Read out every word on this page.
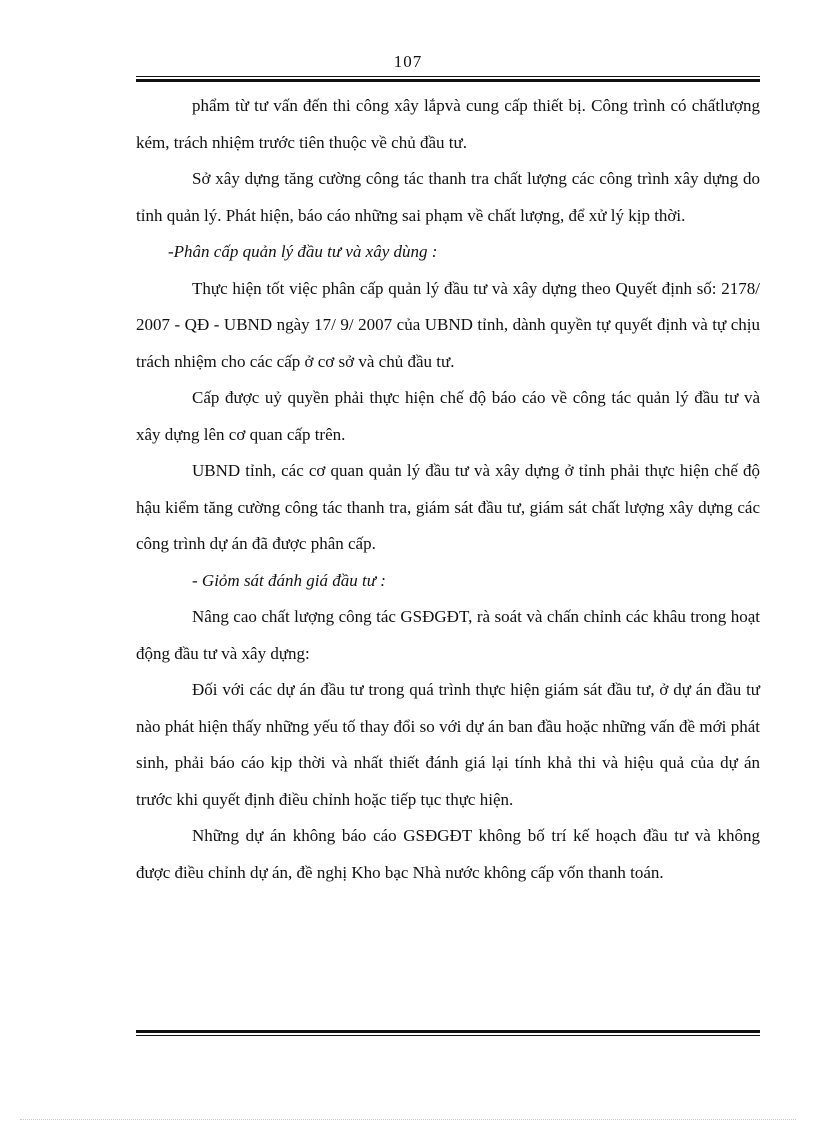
107

phẩm từ tư vấn đến thi công xây lắpvà cung cấp thiết bị. Công trình có chấtlượng kém, trách nhiệm trước tiên thuộc về chủ đầu tư.

Sở xây dựng tăng cường công tác thanh tra chất lượng các công trình xây dựng do tỉnh quản lý. Phát hiện, báo cáo những sai phạm về chất lượng, để xử lý kịp thời.

-Phân cấp quản lý đầu tư và xây dùng :

Thực hiện tốt việc phân cấp quản lý đầu tư và xây dựng theo Quyết định số: 2178/ 2007 - QĐ - UBND ngày 17/ 9/ 2007 của UBND tỉnh, dành quyền tự quyết định và tự chịu trách nhiệm cho các cấp ở cơ sở và chủ đầu tư.

Cấp được uỷ quyền phải thực hiện chế độ báo cáo về công tác quản lý đầu tư và xây dựng lên cơ quan cấp trên.

UBND tỉnh, các cơ quan quản lý đầu tư và xây dựng ở tỉnh phải thực hiện chế độ hậu kiểm tăng cường công tác thanh tra, giám sát đầu tư, giám sát chất lượng xây dựng các công trình dự án đã được phân cấp.

- Giỏm sát đánh giá đầu tư :

Nâng cao chất lượng công tác GSĐGĐT, rà soát và chấn chỉnh các khâu trong hoạt động đầu tư và xây dựng:

Đối với các dự án đầu tư trong quá trình thực hiện giám sát đầu tư, ở dự án đầu tư nào phát hiện thấy những yếu tố thay đổi so với dự án ban đầu hoặc những vấn đề mới phát sinh, phải báo cáo kịp thời và nhất thiết đánh giá lại tính khả thi và hiệu quả của dự án trước khi quyết định điều chỉnh hoặc tiếp tục thực hiện.

Những dự án không báo cáo GSĐGĐT không bố trí kế hoạch đầu tư và không được điều chỉnh dự án, đề nghị Kho bạc Nhà nước không cấp vốn thanh toán.
